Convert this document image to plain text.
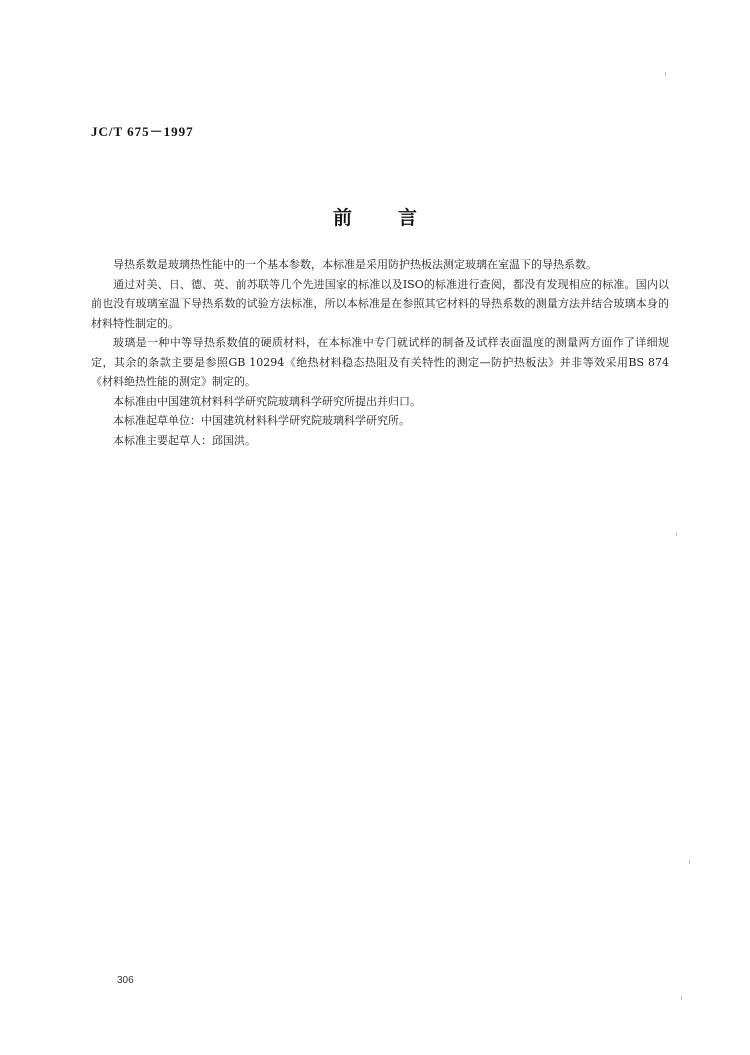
JC/T 675－1997
前言

导热系数是玻璃热性能中的一个基本参数，本标准是采用防护热板法测定玻璃在室温下的导热系数。

通过对美、日、德、英、前苏联等几个先进国家的标准以及ISO的标准进行查阅，都没有发现相应的标准。国内以前也没有玻璃室温下导热系数的试验方法标准，所以本标准是在参照其它材料的导热系数的测量方法并结合玻璃本身的材料特性制定的。

玻璃是一种中等导热系数值的硬质材料，在本标准中专门就试样的制备及试样表面温度的测量两方面作了详细规定，其余的条款主要是参照GB 10294《绝热材料稳态热阻及有关特性的测定—防护热板法》并非等效采用BS 874《材料绝热性能的测定》制定的。

本标准由中国建筑材料科学研究院玻璃科学研究所提出并归口。

本标准起草单位：中国建筑材料科学研究院玻璃科学研究所。

本标准主要起草人：邱国洪。

306
